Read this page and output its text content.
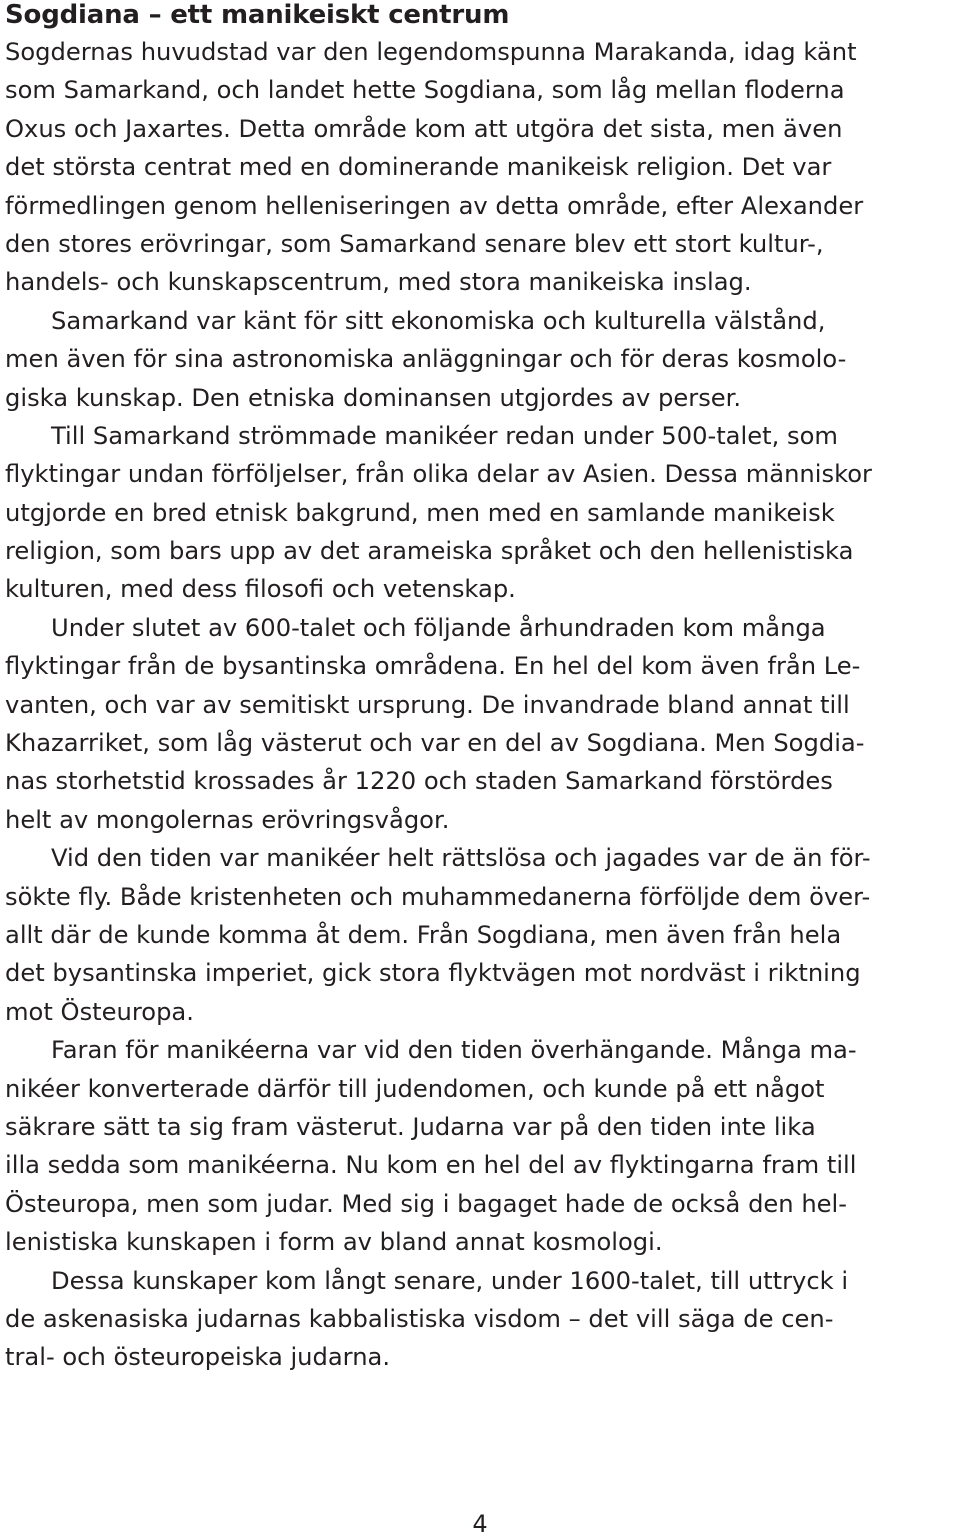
Sogdiana – ett manikeiskt centrum
Sogdernas huvudstad var den legendomspunna Marakanda, idag känt
som Samarkand, och landet hette Sogdiana, som låg mellan floderna
Oxus och Jaxartes. Detta område kom att utgöra det sista, men även
det största centrat med en dominerande manikeisk religion. Det var
förmedlingen genom helleniseringen av detta område, efter Alexander
den stores erövringar, som Samarkand senare blev ett stort kultur-,
handels- och kunskapscentrum, med stora manikeiska inslag.
Samarkand var känt för sitt ekonomiska och kulturella välstånd,
men även för sina astronomiska anläggningar och för deras kosmolo-
giska kunskap. Den etniska dominansen utgjordes av perser.
Till Samarkand strömmade manikéer redan under 500-talet, som
flyktingar undan förföljelser, från olika delar av Asien. Dessa människor
utgjorde en bred etnisk bakgrund, men med en samlande manikeisk
religion, som bars upp av det arameiska språket och den hellenistiska
kulturen, med dess filosofi och vetenskap.
Under slutet av 600-talet och följande århundraden kom många
flyktingar från de bysantinska områdena. En hel del kom även från Le-
vanten, och var av semitiskt ursprung. De invandrade bland annat till
Khazarriket, som låg västerut och var en del av Sogdiana. Men Sogdia-
nas storhetstid krossades år 1220 och staden Samarkand förstördes
helt av mongolernas erövringsvågor.
Vid den tiden var manikéer helt rättslösa och jagades var de än för-
sökte fly. Både kristenheten och muhammedanerna förföljde dem över-
allt där de kunde komma åt dem. Från Sogdiana, men även från hela
det bysantinska imperiet, gick stora flyktvägen mot nordväst i riktning
mot Östeuropa.
Faran för manikéerna var vid den tiden överhängande. Många ma-
nikéer konverterade därför till judendomen, och kunde på ett något
säkrare sätt ta sig fram västerut. Judarna var på den tiden inte lika
illa sedda som manikéerna. Nu kom en hel del av flyktingarna fram till
Östeuropa, men som judar. Med sig i bagaget hade de också den hel-
lenistiska kunskapen i form av bland annat kosmologi.
Dessa kunskaper kom långt senare, under 1600-talet, till uttryck i
de askenasiska judarnas kabbalistiska visdom – det vill säga de cen-
tral- och östeuropeiska judarna.
4
